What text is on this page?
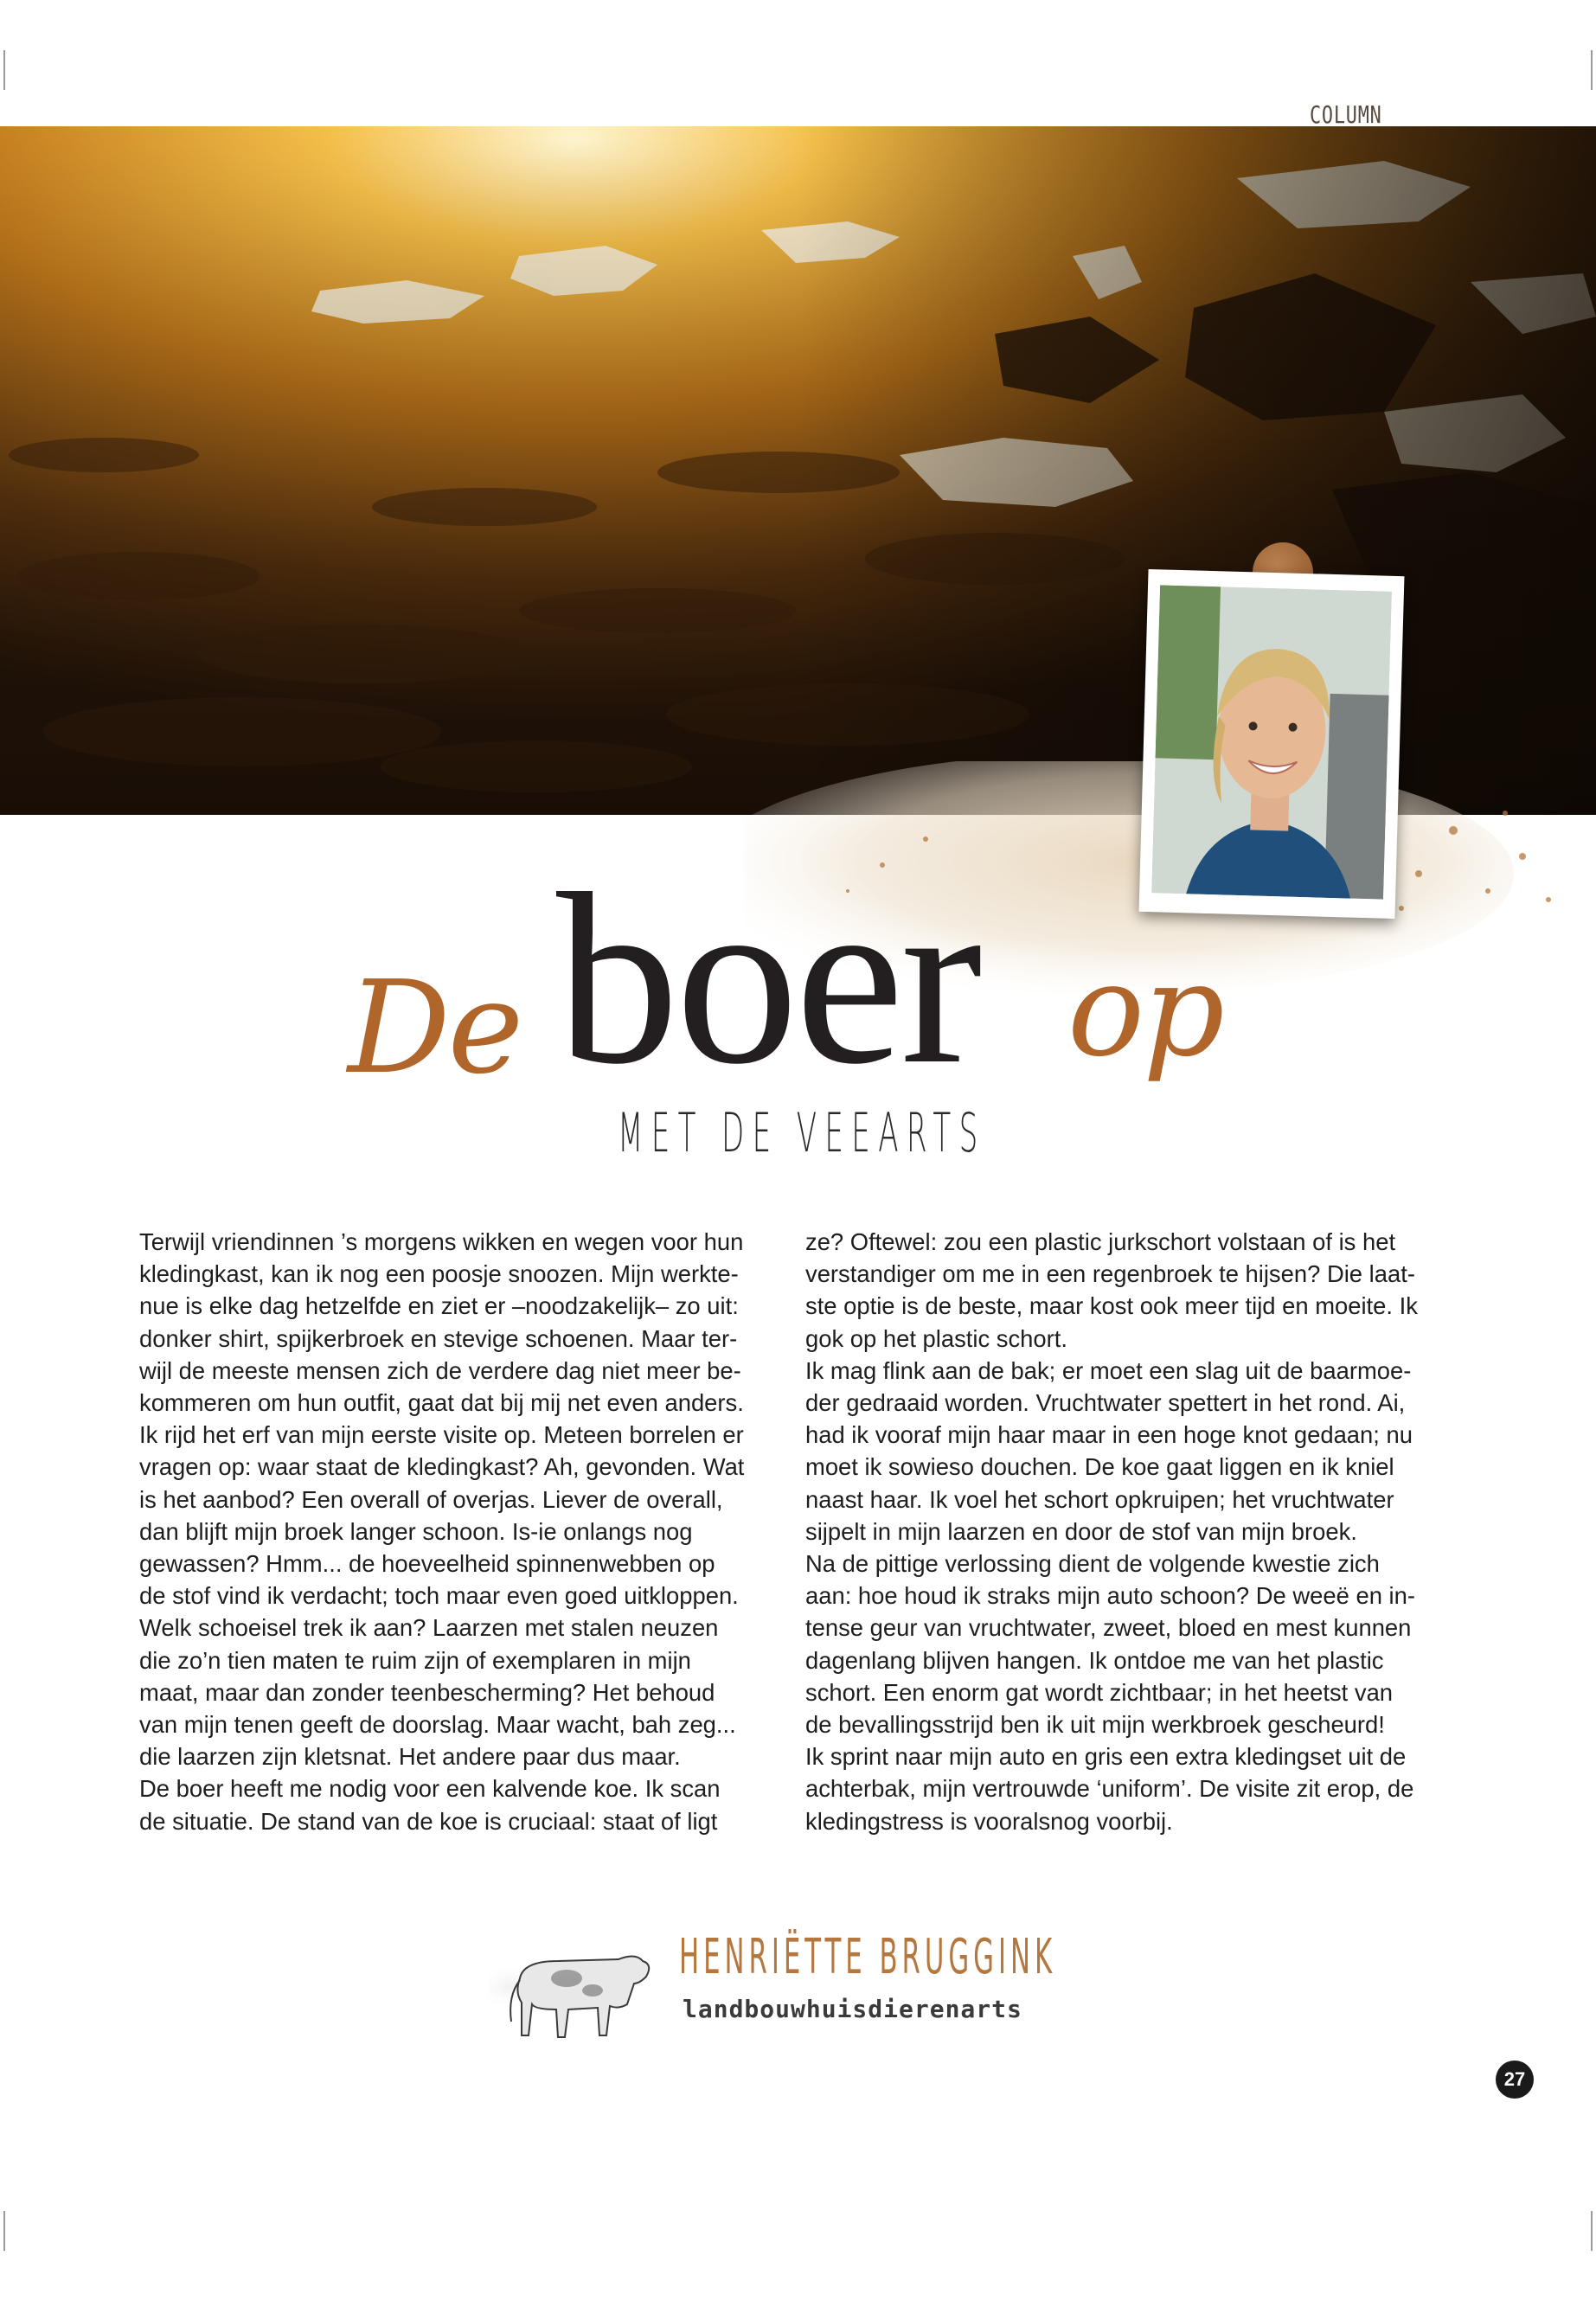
COLUMN
De boer op
MET DE VEEARTS

Terwijl vriendinnen ’s morgens wikken en wegen voor hun

kledingkast, kan ik nog een poosje snoozen. Mijn werkte-

nue is elke dag hetzelfde en ziet er –noodzakelijk– zo uit:

donker shirt, spijkerbroek en stevige schoenen. Maar ter-

wijl de meeste mensen zich de verdere dag niet meer be-

kommeren om hun outfit, gaat dat bij mij net even anders.

Ik rijd het erf van mijn eerste visite op. Meteen borrelen er

vragen op: waar staat de kledingkast? Ah, gevonden. Wat

is het aanbod? Een overall of overjas. Liever de overall,

dan blijft mijn broek langer schoon. Is-ie onlangs nog

gewassen? Hmm... de hoeveelheid spinnenwebben op

de stof vind ik verdacht; toch maar even goed uitkloppen.

Welk schoeisel trek ik aan? Laarzen met stalen neuzen

die zo’n tien maten te ruim zijn of exemplaren in mijn

maat, maar dan zonder teenbescherming? Het behoud

van mijn tenen geeft de doorslag. Maar wacht, bah zeg...

die laarzen zijn kletsnat. Het andere paar dus maar.

De boer heeft me nodig voor een kalvende koe. Ik scan

de situatie. De stand van de koe is cruciaal: staat of ligt

ze? Oftewel: zou een plastic jurkschort volstaan of is het

verstandiger om me in een regenbroek te hijsen? Die laat-

ste optie is de beste, maar kost ook meer tijd en moeite. Ik

gok op het plastic schort.

Ik mag flink aan de bak; er moet een slag uit de baarmoe-

der gedraaid worden. Vruchtwater spettert in het rond. Ai,

had ik vooraf mijn haar maar in een hoge knot gedaan; nu

moet ik sowieso douchen. De koe gaat liggen en ik kniel

naast haar. Ik voel het schort opkruipen; het vruchtwater

sijpelt in mijn laarzen en door de stof van mijn broek.

Na de pittige verlossing dient de volgende kwestie zich

aan: hoe houd ik straks mijn auto schoon? De weeë en in-

tense geur van vruchtwater, zweet, bloed en mest kunnen

dagenlang blijven hangen. Ik ontdoe me van het plastic

schort. Een enorm gat wordt zichtbaar; in het heetst van

de bevallingsstrijd ben ik uit mijn werkbroek gescheurd!

Ik sprint naar mijn auto en gris een extra kledingset uit de

achterbak, mijn vertrouwde ‘uniform’. De visite zit erop, de

kledingstress is vooralsnog voorbij.

HENRIËTTE BRUGGINK
landbouwhuisdierenarts
27
